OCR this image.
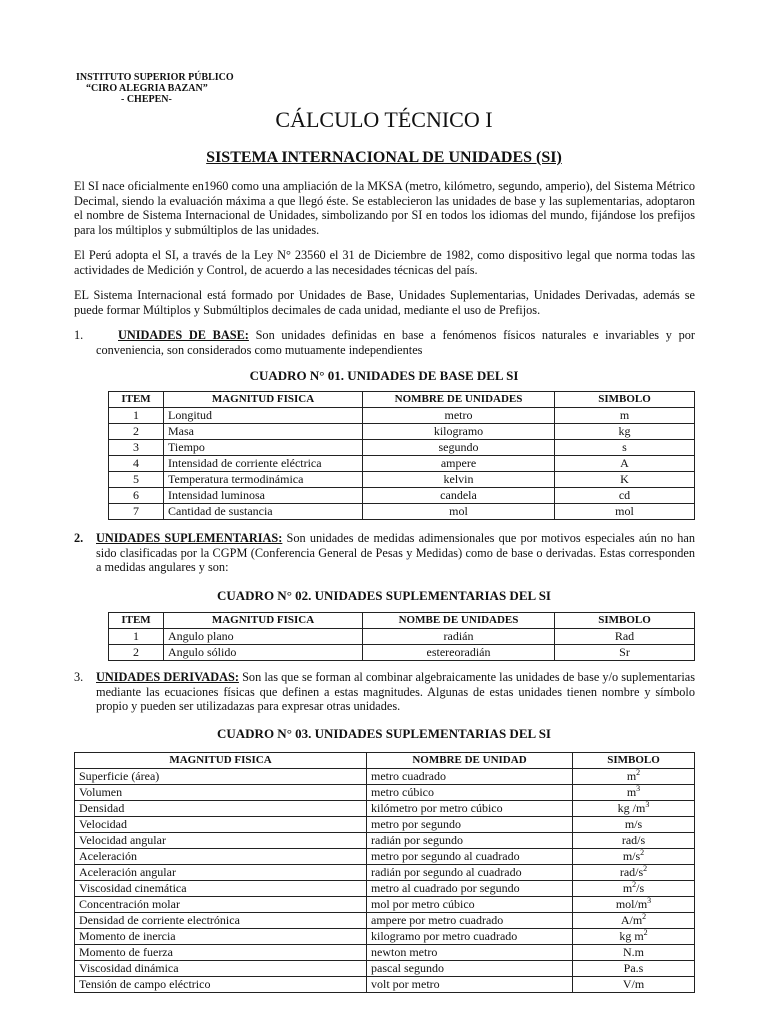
INSTITUTO SUPERIOR PÚBLICO
“CIRO ALEGRIA BAZAN”
- CHEPEN-
CÁLCULO TÉCNICO I
SISTEMA INTERNACIONAL DE UNIDADES (SI)

El SI nace oficialmente en1960 como una ampliación de la MKSA (metro, kilómetro, segundo, amperio), del Sistema Métrico Decimal, siendo la evaluación máxima a que llegó éste. Se establecieron las unidades de base y las suplementarias, adoptaron el nombre de Sistema Internacional de Unidades, simbolizando por SI en todos los idiomas del mundo, fijándose los prefijos para los múltiplos y submúltiplos de las unidades.

El Perú adopta el SI, a través de la Ley N° 23560 el 31 de Diciembre de 1982, como dispositivo legal que norma todas las actividades de Medición y Control, de acuerdo a las necesidades técnicas del país.

EL Sistema Internacional está formado por Unidades de Base, Unidades Suplementarias, Unidades Derivadas, además se puede formar Múltiplos y Submúltiplos decimales de cada unidad, mediante el uso de Prefijos.

1.	UNIDADES DE BASE: Son unidades definidas en base a fenómenos físicos naturales e invariables y por conveniencia, son considerados como mutuamente independientes
CUADRO N° 01. UNIDADES DE BASE DEL SI
ITEM	MAGNITUD FISICA	NOMBRE DE UNIDADES	SIMBOLO
1	Longitud	metro	m
2	Masa	kilogramo	kg
3	Tiempo	segundo	s
4	Intensidad de corriente eléctrica	ampere	A
5	Temperatura termodinámica	kelvin	K
6	Intensidad luminosa	candela	cd
7	Cantidad de sustancia	mol	mol
2. UNIDADES SUPLEMENTARIAS: Son unidades de medidas adimensionales que por motivos especiales aún no han sido clasificadas por la CGPM (Conferencia General de Pesas y Medidas) como de base o derivadas. Estas corresponden a medidas angulares y son:
CUADRO N° 02. UNIDADES SUPLEMENTARIAS DEL SI
ITEM	MAGNITUD FISICA	NOMBE DE UNIDADES	SIMBOLO
1	Angulo plano	radián	Rad
2	Angulo sólido	estereoradián	Sr
3. UNIDADES DERIVADAS: Son las que se forman al combinar algebraicamente las unidades de base y/o suplementarias mediante las ecuaciones físicas que definen a estas magnitudes. Algunas de estas unidades tienen nombre y símbolo propio y pueden ser utilizadazas para expresar otras unidades.
CUADRO N° 03. UNIDADES SUPLEMENTARIAS DEL SI
MAGNITUD FISICA	NOMBRE DE UNIDAD	SIMBOLO
Superficie (área)	metro cuadrado	$m^2$
Volumen	metro cúbico	$m^3$
Densidad	kilómetro por metro cúbico	kg $/m^3$
Velocidad	metro por segundo	m/s
Velocidad angular	radián por segundo	rad/s
Aceleración	metro por segundo al cuadrado	$m/s^2$
Aceleración angular	radián por segundo al cuadrado	rad/$s^2$
Viscosidad cinemática	metro al cuadrado por segundo	$m^2/s$
Concentración molar	mol por metro cúbico	mol/$m^3$
Densidad de corriente electrónica	ampere por metro cuadrado	$A/m^2$
Momento de inercia	kilogramo por metro cuadrado	kg $m^2$
Momento de fuerza	newton metro	N.m
Viscosidad dinámica	pascal segundo	Pa.s
Tensión de campo eléctrico	volt por metro	V/m
